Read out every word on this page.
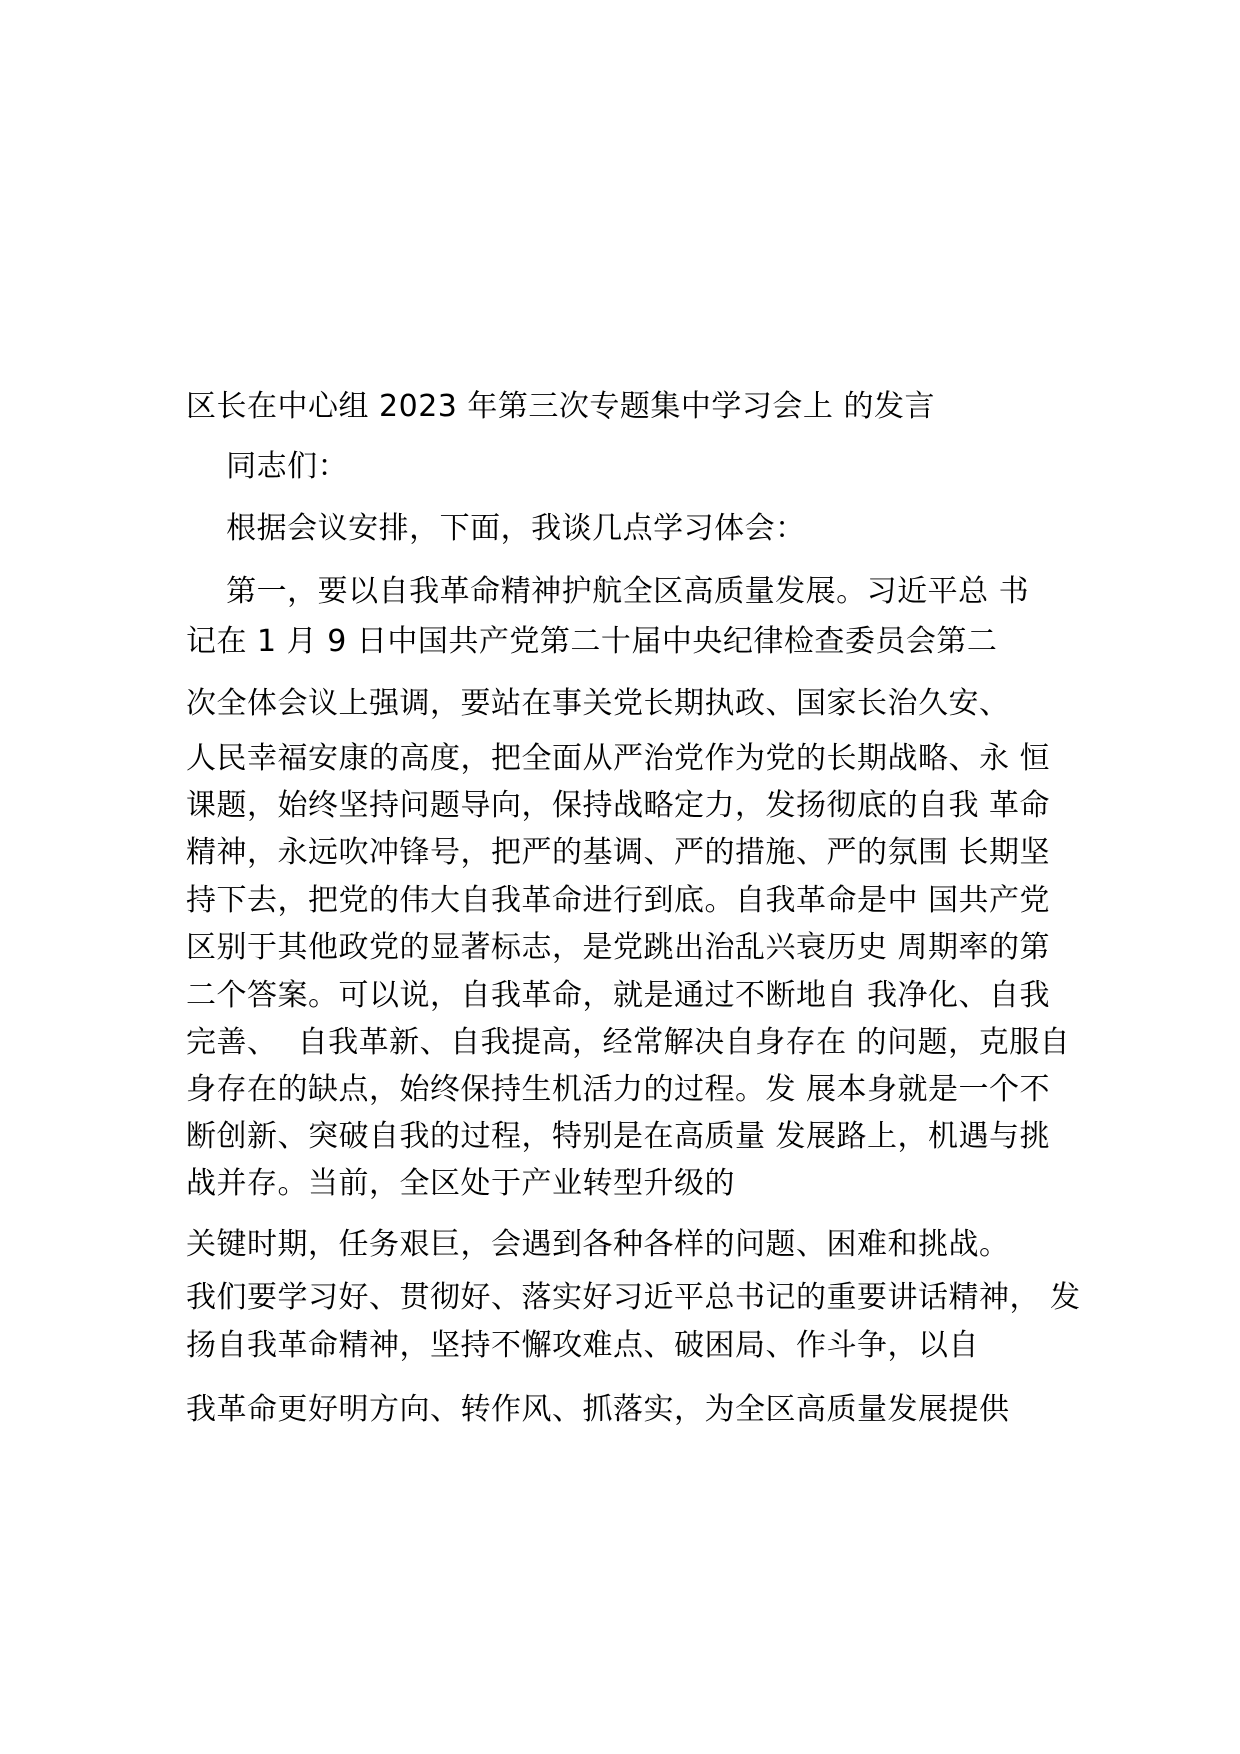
区长在中心组 2023 年第三次专题集中学习会上 的发言
同志们：
根据会议安排，下面，我谈几点学习体会：
第一，要以自我革命精神护航全区高质量发展。习近平总 书
记在 1 月 9 日中国共产党第二十届中央纪律检查委员会第二
次全体会议上强调，要站在事关党长期执政、国家长治久安、
人民幸福安康的高度，把全面从严治党作为党的长期战略、永 恒
课题，始终坚持问题导向，保持战略定力，发扬彻底的自我 革命
精神，永远吹冲锋号，把严的基调、严的措施、严的氛围 长期坚
持下去，把党的伟大自我革命进行到底。自我革命是中 国共产党
区别于其他政党的显著标志，是党跳出治乱兴衰历史 周期率的第
二个答案。可以说，自我革命，就是通过不断地自 我净化、自我
完善、  自我革新、自我提高，经常解决自身存在 的问题，克服自
身存在的缺点，始终保持生机活力的过程。发 展本身就是一个不
断创新、突破自我的过程，特别是在高质量 发展路上，机遇与挑
战并存。当前，全区处于产业转型升级的
关键时期，任务艰巨，会遇到各种各样的问题、困难和挑战。
我们要学习好、贯彻好、落实好习近平总书记的重要讲话精神， 发
扬自我革命精神，坚持不懈攻难点、破困局、作斗争，以自
我革命更好明方向、转作风、抓落实，为全区高质量发展提供
